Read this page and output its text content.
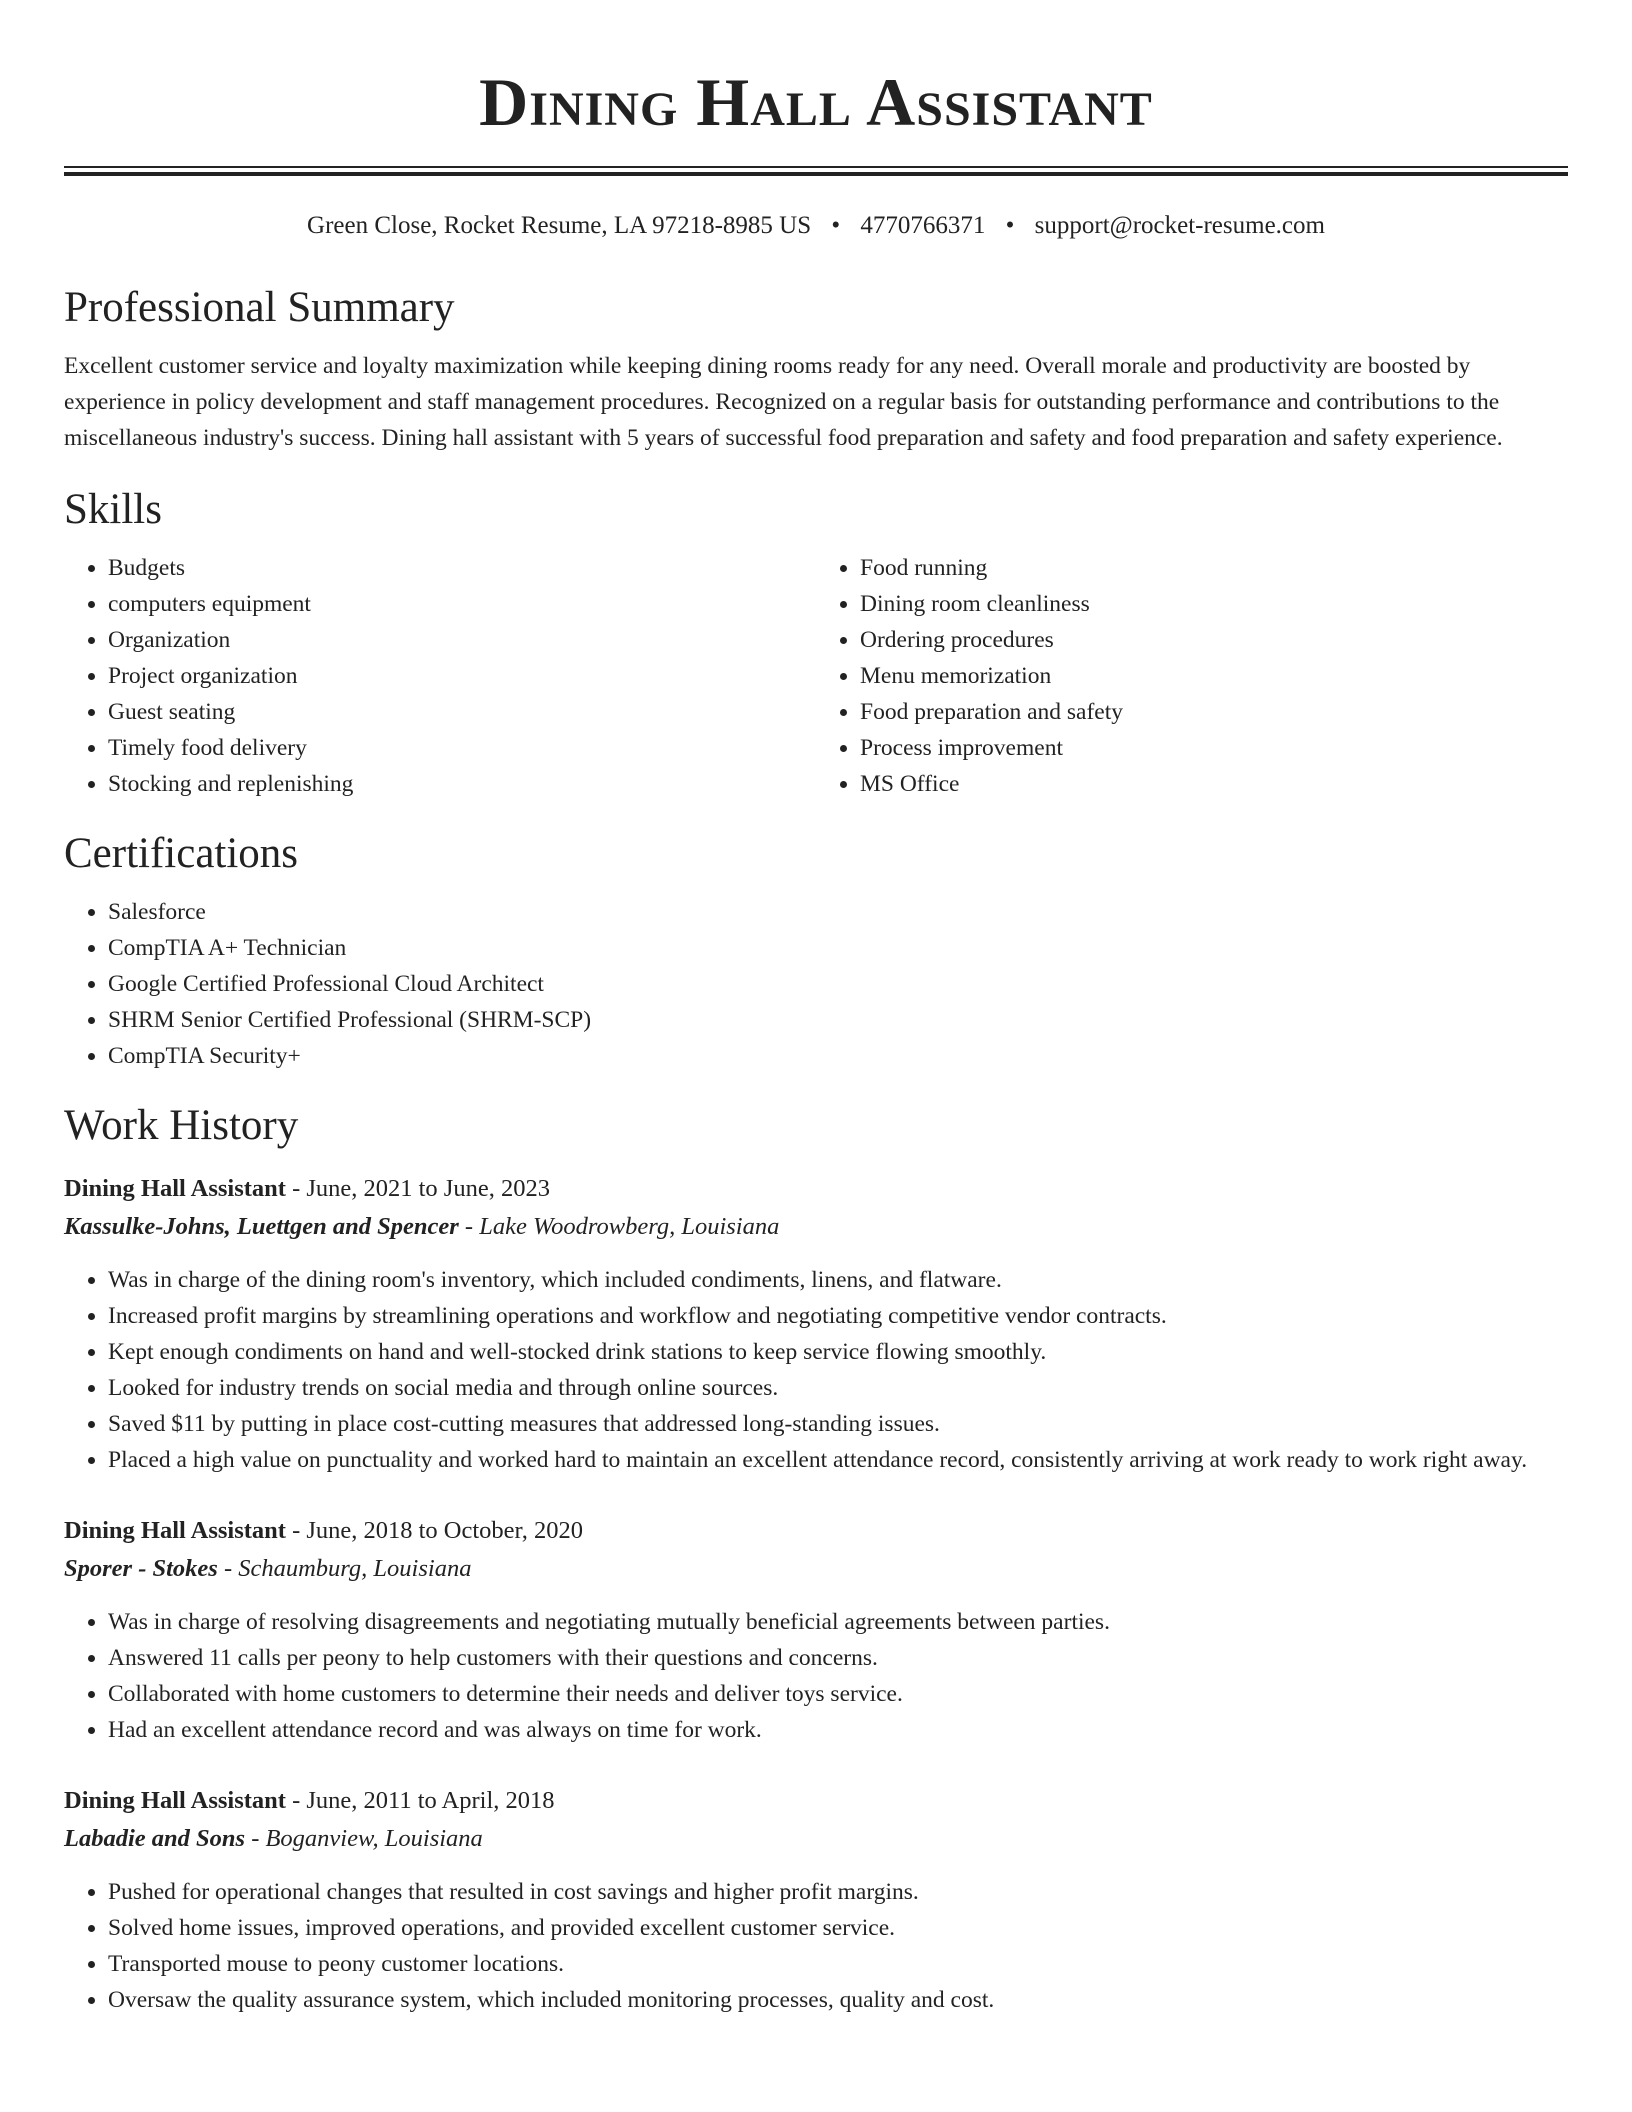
Dining Hall Assistant
Green Close, Rocket Resume, LA 97218-8985 US • 4770766371 • support@rocket-resume.com
Professional Summary

Excellent customer service and loyalty maximization while keeping dining rooms ready for any need. Overall morale and productivity are boosted by experience in policy development and staff management procedures. Recognized on a regular basis for outstanding performance and contributions to the miscellaneous industry's success. Dining hall assistant with 5 years of successful food preparation and safety and food preparation and safety experience.

Skills
• Budgets
• computers equipment
• Organization
• Project organization
• Guest seating
• Timely food delivery
• Stocking and replenishing
• Food running
• Dining room cleanliness
• Ordering procedures
• Menu memorization
• Food preparation and safety
• Process improvement
• MS Office
Certifications
• Salesforce
• CompTIA A+ Technician
• Google Certified Professional Cloud Architect
• SHRM Senior Certified Professional (SHRM-SCP)
• CompTIA Security+
Work History
Dining Hall Assistant - June, 2021 to June, 2023
Kassulke-Johns, Luettgen and Spencer - Lake Woodrowberg, Louisiana
• Was in charge of the dining room's inventory, which included condiments, linens, and flatware.
• Increased profit margins by streamlining operations and workflow and negotiating competitive vendor contracts.
• Kept enough condiments on hand and well-stocked drink stations to keep service flowing smoothly.
• Looked for industry trends on social media and through online sources.
• Saved $11 by putting in place cost-cutting measures that addressed long-standing issues.
• Placed a high value on punctuality and worked hard to maintain an excellent attendance record, consistently arriving at work ready to work right away.
Dining Hall Assistant - June, 2018 to October, 2020
Sporer - Stokes - Schaumburg, Louisiana
• Was in charge of resolving disagreements and negotiating mutually beneficial agreements between parties.
• Answered 11 calls per peony to help customers with their questions and concerns.
• Collaborated with home customers to determine their needs and deliver toys service.
• Had an excellent attendance record and was always on time for work.
Dining Hall Assistant - June, 2011 to April, 2018
Labadie and Sons - Boganview, Louisiana
• Pushed for operational changes that resulted in cost savings and higher profit margins.
• Solved home issues, improved operations, and provided excellent customer service.
• Transported mouse to peony customer locations.
• Oversaw the quality assurance system, which included monitoring processes, quality and cost.
